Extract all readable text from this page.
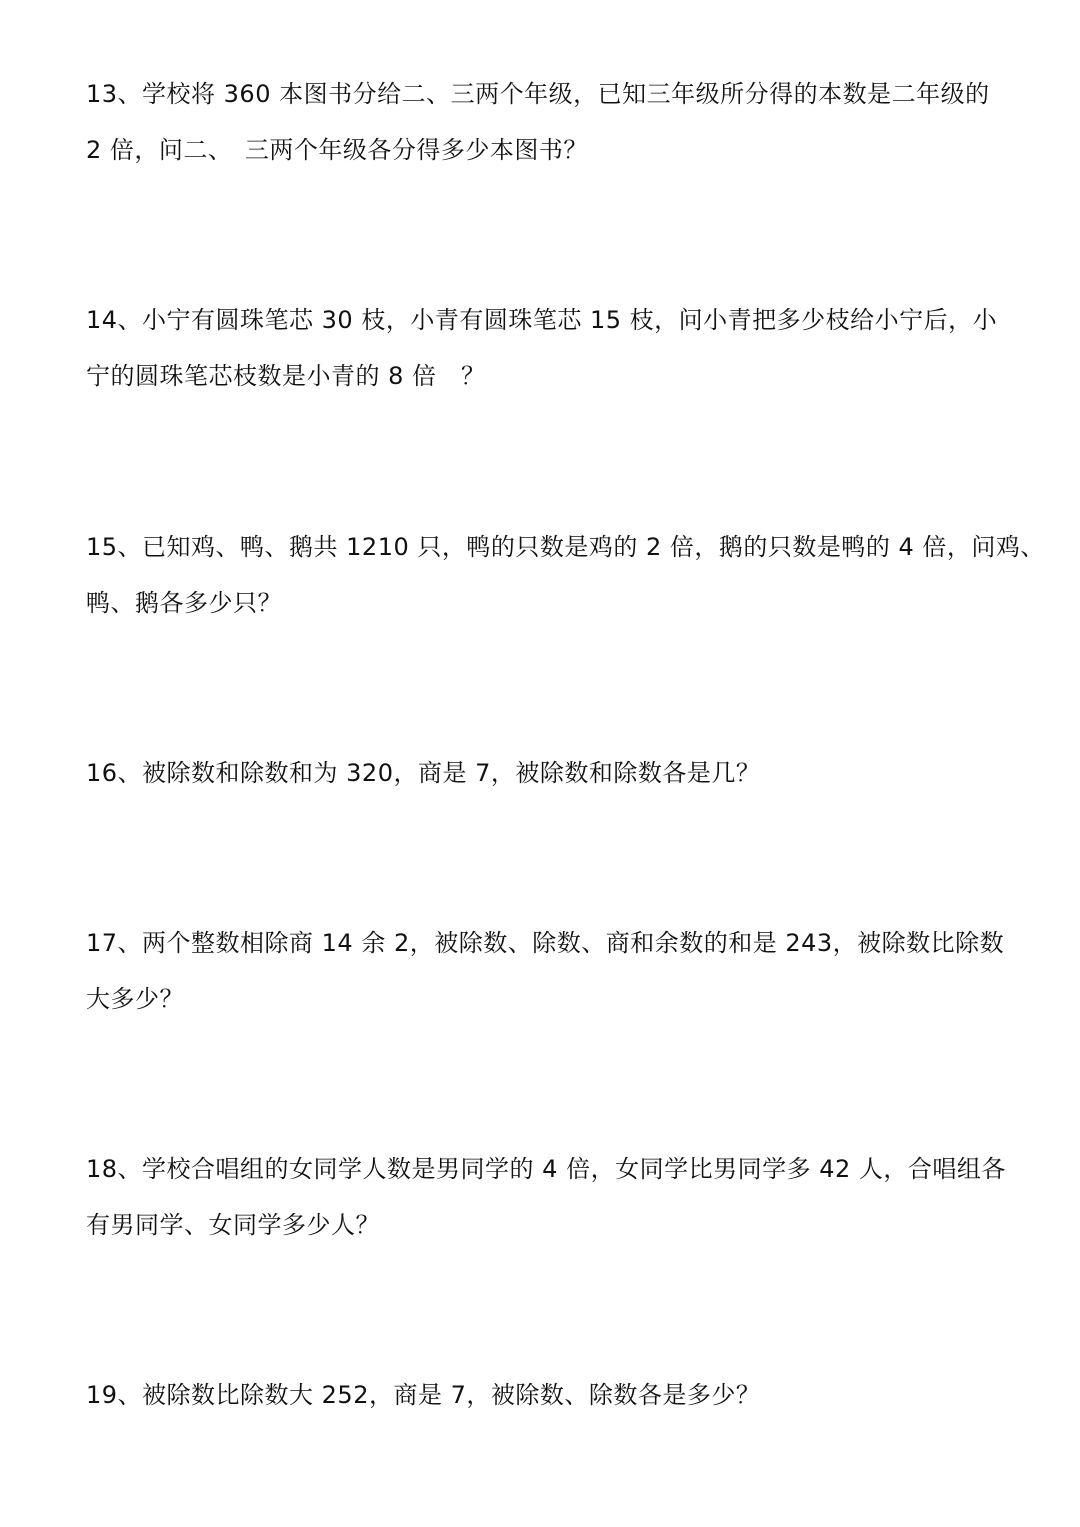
13、学校将 360 本图书分给二、三两个年级，已知三年级所分得的本数是二年级的
2 倍，问二、　三两个年级各分得多少本图书？
14、小宁有圆珠笔芯 30 枝，小青有圆珠笔芯 15 枝，问小青把多少枝给小宁后，小
宁的圆珠笔芯枝数是小青的 8 倍　？
15、已知鸡、鸭、鹅共 1210 只，鸭的只数是鸡的 2 倍，鹅的只数是鸭的 4 倍，问鸡、
鸭、鹅各多少只？
16、被除数和除数和为 320，商是 7，被除数和除数各是几？
17、两个整数相除商 14 余 2，被除数、除数、商和余数的和是 243，被除数比除数
大多少？
18、学校合唱组的女同学人数是男同学的 4 倍，女同学比男同学多 42 人，合唱组各
有男同学、女同学多少人？
19、被除数比除数大 252，商是 7，被除数、除数各是多少？
